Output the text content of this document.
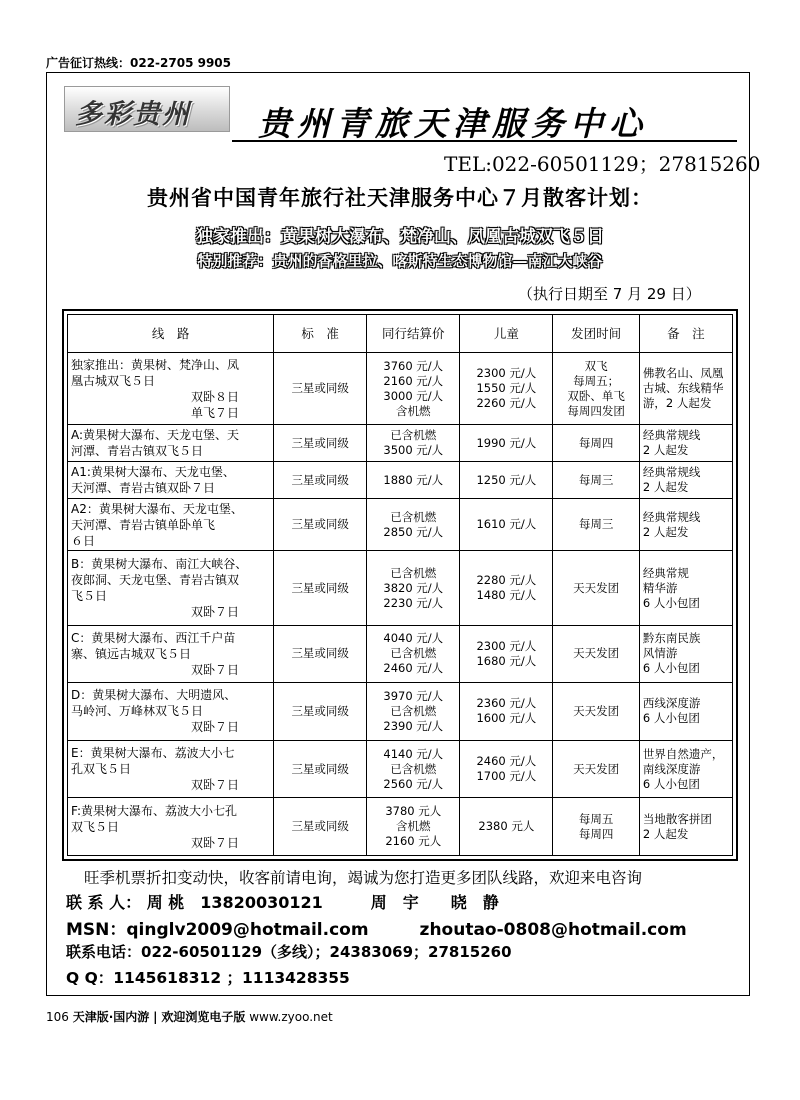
广告征订热线：022-2705 9905
多彩贵州 贵州青旅天津服务中心
TEL:022-60501129；27815260
贵州省中国青年旅行社天津服务中心７月散客计划：
独家推出：黄果树大瀑布、梵净山、凤凰古城双飞５日
特别推荐：贵州的香格里拉、喀斯特生态博物馆—南江大峡谷
（执行日期至 7 月 29 日）
线　路	标　准	同行结算价	儿童	发团时间	备　注

独家推出：黄果树、梵净山、凤
凰古城双飞５日
双卧８日
单飞７日	三星或同级	3760 元/人
2160 元/人
3000 元/人
含机燃	2300 元/人
1550 元/人
2260 元/人	双飞
每周五；
双卧、单飞
每周四发团	佛教名山、凤凰
古城、东线精华
游，2 人起发

A:黄果树大瀑布、天龙屯堡、天
河潭、青岩古镇双飞５日	三星或同级	已含机燃
3500 元/人	1990 元/人	每周四	经典常规线
2 人起发

A1:黄果树大瀑布、天龙屯堡、
天河潭、青岩古镇双卧７日	三星或同级	1880 元/人	1250 元/人	每周三	经典常规线
2 人起发

A2：黄果树大瀑布、天龙屯堡、
天河潭、青岩古镇单卧单飞
６日	三星或同级	已含机燃
2850 元/人	1610 元/人	每周三	经典常规线
2 人起发

B：黄果树大瀑布、南江大峡谷、
夜郎洞、天龙屯堡、青岩古镇双
飞５日
双卧７日	三星或同级	已含机燃
3820 元/人
2230 元/人	2280 元/人
1480 元/人	天天发团	经典常规
精华游
6 人小包团

C：黄果树大瀑布、西江千户苗
寨、镇远古城双飞５日
双卧７日	三星或同级	4040 元/人
已含机燃
2460 元/人	2300 元/人
1680 元/人	天天发团	黔东南民族
风情游
6 人小包团

D：黄果树大瀑布、大明遗风、
马岭河、万峰林双飞５日
双卧７日	三星或同级	3970 元/人
已含机燃
2390 元/人	2360 元/人
1600 元/人	天天发团	西线深度游
6 人小包团

E：黄果树大瀑布、荔波大小七
孔双飞５日
双卧７日	三星或同级	4140 元/人
已含机燃
2560 元/人	2460 元/人
1700 元/人	天天发团	世界自然遗产，
南线深度游
6 人小包团

F:黄果树大瀑布、荔波大小七孔
双飞５日
双卧７日	三星或同级	3780 元人
含机燃
2160 元人	2380 元人	每周五
每周四	当地散客拼团
2 人起发
旺季机票折扣变动快，收客前请电询，竭诚为您打造更多团队线路，欢迎来电咨询
联 系 人： 周 桃　13820030121　　　周　宇　　晓　静
MSN：qinglv2009@hotmail.com　　　zhoutao-0808@hotmail.com
联系电话：022-60501129（多线）；24383069；27815260
Q Q：1145618312 ；1113428355
106 天津版·国内游 | 欢迎浏览电子版 www.zyoo.net
